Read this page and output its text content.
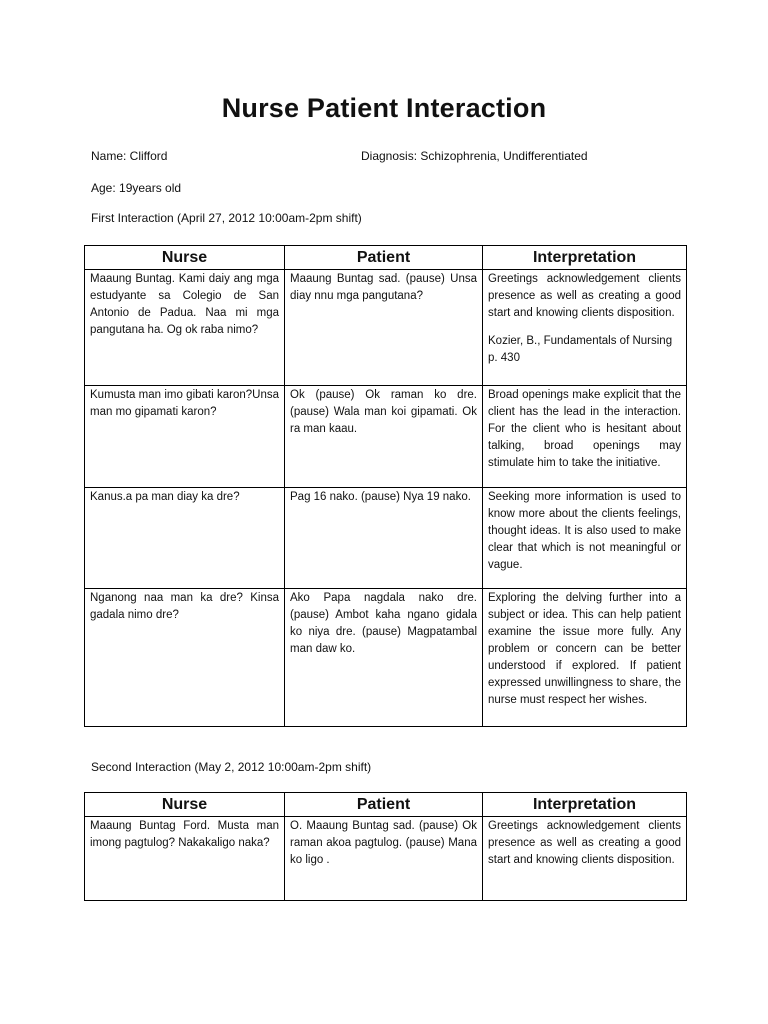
Nurse Patient Interaction
Name: Clifford	Diagnosis: Schizophrenia, Undifferentiated
Age: 19years old
First Interaction (April 27, 2012 10:00am-2pm shift)
Nurse	Patient	Interpretation
Maaung Buntag. Kami daiy ang mga estudyante sa Colegio de San Antonio de Padua. Naa mi mga pangutana ha. Og ok raba nimo?	Maaung Buntag sad. (pause) Unsa diay nnu mga pangutana?	Greetings acknowledgement clients presence as well as creating a good start and knowing clients disposition.
Kozier, B., Fundamentals of Nursing p. 430

Kumusta man imo gibati karon?Unsa man mo gipamati karon?	Ok (pause) Ok raman ko dre. (pause) Wala man koi gipamati. Ok ra man kaau.	Broad openings make explicit that the client has the lead in the interaction. For the client who is hesitant about talking, broad openings may stimulate him to take the initiative.
Kanus.a pa man diay ka dre?	Pag 16 nako. (pause) Nya 19 nako.	Seeking more information is used to know more about the clients feelings, thought ideas. It is also used to make clear that which is not meaningful or vague.
Nganong naa man ka dre? Kinsa gadala nimo dre?	Ako Papa nagdala nako dre. (pause) Ambot kaha ngano gidala ko niya dre. (pause) Magpatambal man daw ko.	Exploring the delving further into a subject or idea. This can help patient examine the issue more fully. Any problem or concern can be better understood if explored. If patient expressed unwillingness to share, the nurse must respect her wishes.
Second Interaction (May 2, 2012 10:00am-2pm shift)
Nurse	Patient	Interpretation
Maaung Buntag Ford. Musta man imong pagtulog? Nakakaligo naka?	O. Maaung Buntag sad. (pause) Ok raman akoa pagtulog. (pause) Mana ko ligo .	Greetings acknowledgement clients presence as well as creating a good start and knowing clients disposition.
